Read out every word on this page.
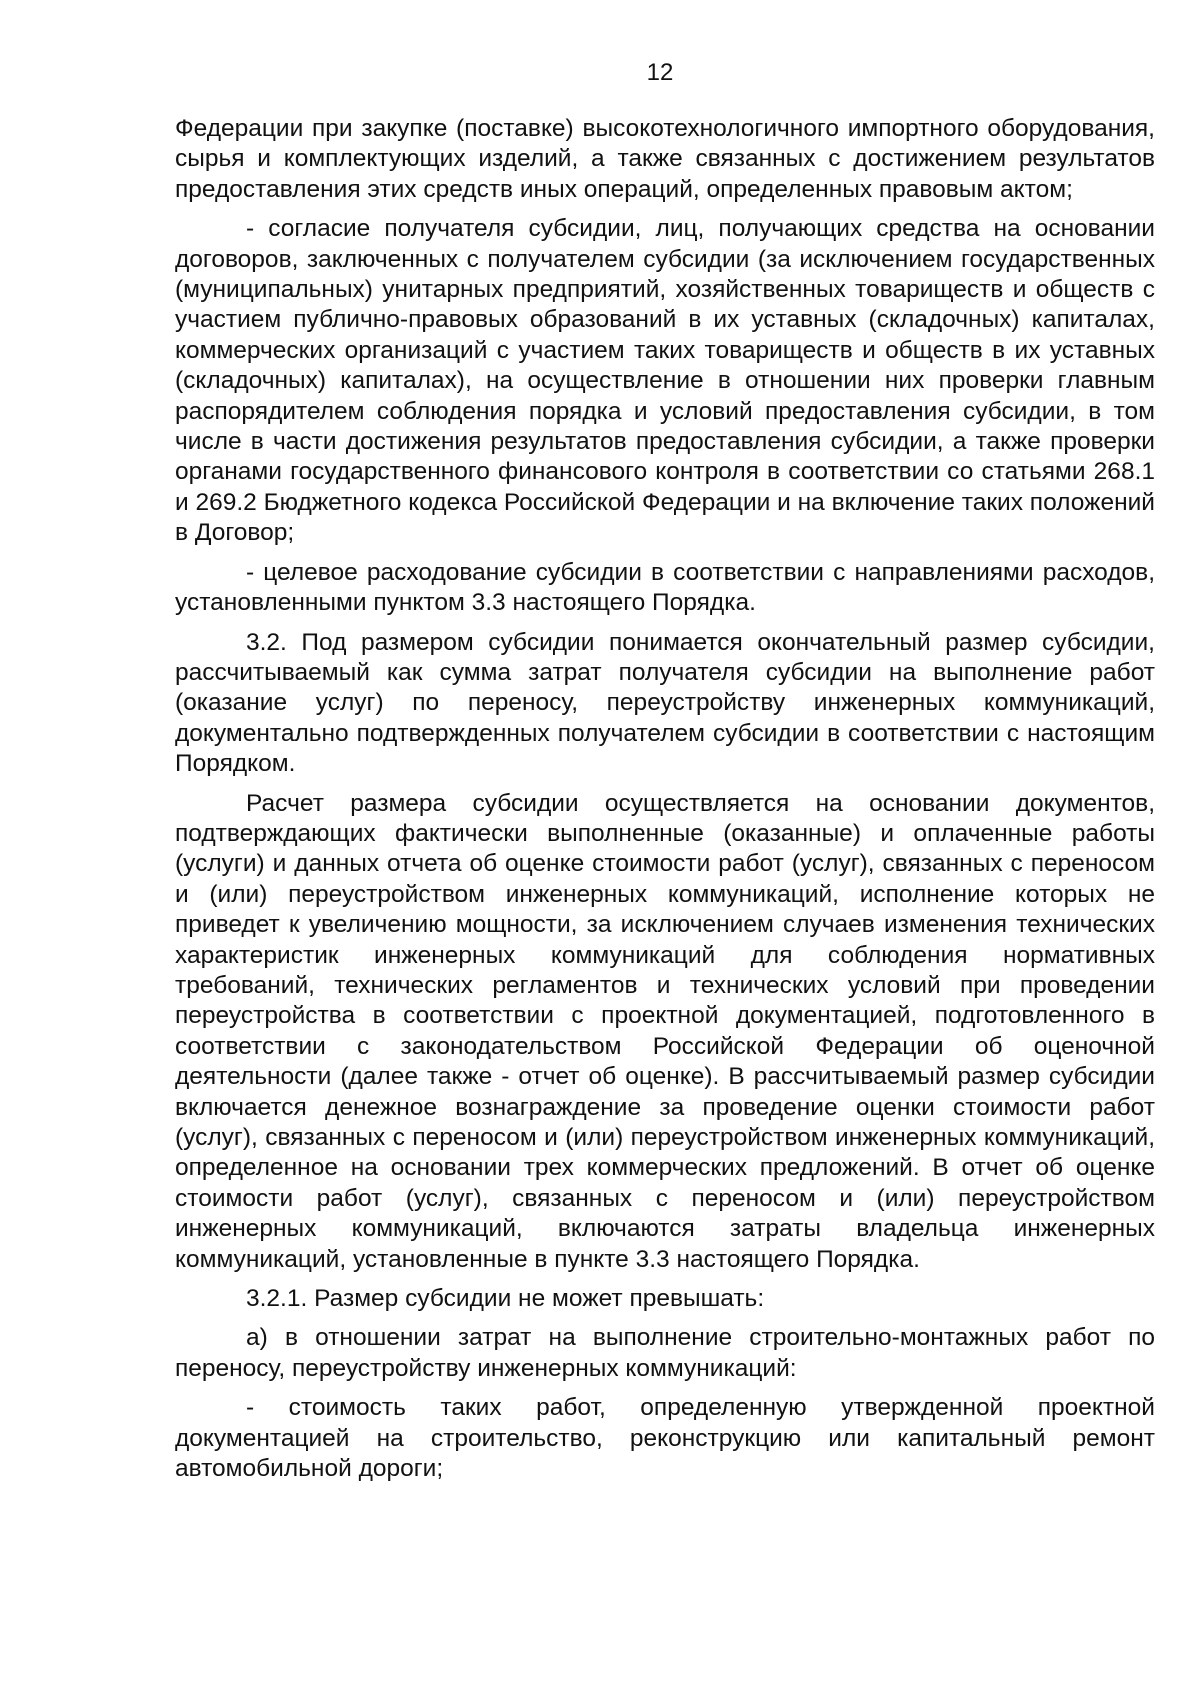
12

Федерации при закупке (поставке) высокотехнологичного импортного оборудования, сырья и комплектующих изделий, а также связанных с достижением результатов предоставления этих средств иных операций, определенных правовым актом;

- согласие получателя субсидии, лиц, получающих средства на основании договоров, заключенных с получателем субсидии (за исключением государственных (муниципальных) унитарных предприятий, хозяйственных товариществ и обществ с участием публично-правовых образований в их уставных (складочных) капиталах, коммерческих организаций с участием таких товариществ и обществ в их уставных (складочных) капиталах), на осуществление в отношении них проверки главным распорядителем соблюдения порядка и условий предоставления субсидии, в том числе в части достижения результатов предоставления субсидии, а также проверки органами государственного финансового контроля в соответствии со статьями 268.1 и 269.2 Бюджетного кодекса Российской Федерации и на включение таких положений в Договор;

- целевое расходование субсидии в соответствии с направлениями расходов, установленными пунктом 3.3 настоящего Порядка.

3.2. Под размером субсидии понимается окончательный размер субсидии, рассчитываемый как сумма затрат получателя субсидии на выполнение работ (оказание услуг) по переносу, переустройству инженерных коммуникаций, документально подтвержденных получателем субсидии в соответствии с настоящим Порядком.

Расчет размера субсидии осуществляется на основании документов, подтверждающих фактически выполненные (оказанные) и оплаченные работы (услуги) и данных отчета об оценке стоимости работ (услуг), связанных с переносом и (или) переустройством инженерных коммуникаций, исполнение которых не приведет к увеличению мощности, за исключением случаев изменения технических характеристик инженерных коммуникаций для соблюдения нормативных требований, технических регламентов и технических условий при проведении переустройства в соответствии с проектной документацией, подготовленного в соответствии с законодательством Российской Федерации об оценочной деятельности (далее также - отчет об оценке). В рассчитываемый размер субсидии включается денежное вознаграждение за проведение оценки стоимости работ (услуг), связанных с переносом и (или) переустройством инженерных коммуникаций, определенное на основании трех коммерческих предложений. В отчет об оценке стоимости работ (услуг), связанных с переносом и (или) переустройством инженерных коммуникаций, включаются затраты владельца инженерных коммуникаций, установленные в пункте 3.3 настоящего Порядка.

3.2.1. Размер субсидии не может превышать:

а) в отношении затрат на выполнение строительно-монтажных работ по переносу, переустройству инженерных коммуникаций:

- стоимость таких работ, определенную утвержденной проектной документацией на строительство, реконструкцию или капитальный ремонт автомобильной дороги;
